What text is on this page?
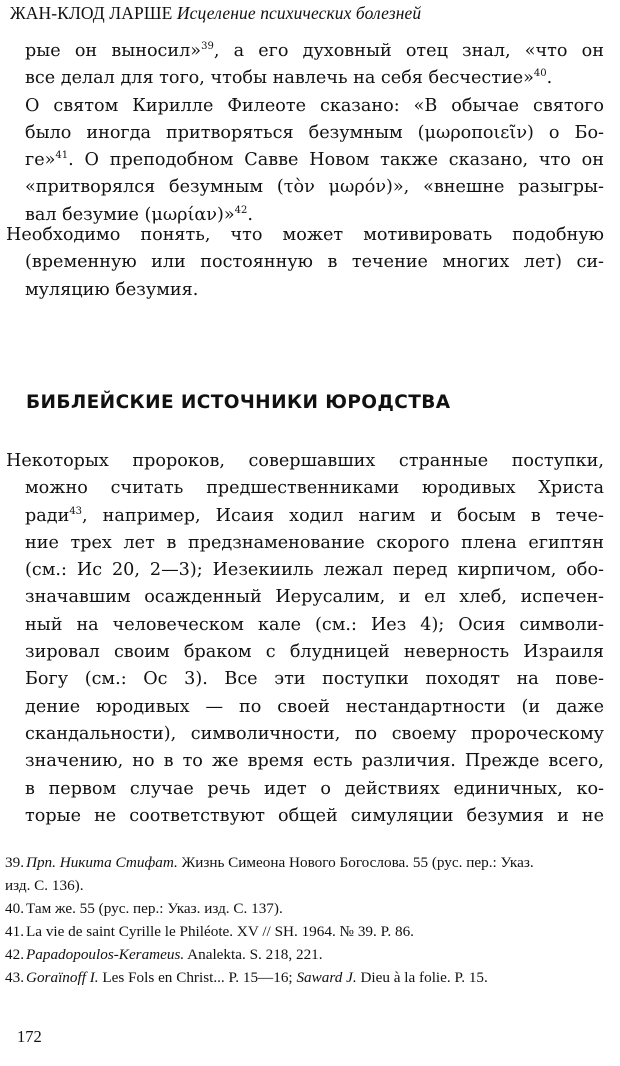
ЖАН-КЛОД ЛАРШЕ Исцеление психических болезней
рые он выносил»$^{39}$, а его духовный отец знал, «что он
все делал для того, чтобы навлечь на себя бесчестие»$^{40}$.
О святом Кирилле Филеоте сказано: «В обычае святого
было иногда притворяться безумным (μωροποιεῖν) о Бо-
ге»$^{41}$. О преподобном Савве Новом также сказано, что он
«притворялся безумным (τὸν μωρόν)», «внешне разыгры-
вал безумие (μωρίαν)»$^{42}$.
Необходимо понять, что может мотивировать подобную
(временную или постоянную в течение многих лет) си-
муляцию безумия.
БИБЛЕЙСКИЕ ИСТОЧНИКИ ЮРОДСТВА
Некоторых пророков, совершавших странные поступки,
можно считать предшественниками юродивых Христа
ради$^{43}$, например, Исаия ходил нагим и босым в тече-
ние трех лет в предзнаменование скорого плена египтян
(см.: Ис 20, 2—3); Иезекииль лежал перед кирпичом, обо-
значавшим осажденный Иерусалим, и ел хлеб, испечен-
ный на человеческом кале (см.: Иез 4); Осия символи-
зировал своим браком с блудницей неверность Израиля
Богу (см.: Ос 3). Все эти поступки походят на пове-
дение юродивых — по своей нестандартности (и даже
скандальности), символичности, по своему пророческому
значению, но в то же время есть различия. Прежде всего,
в первом случае речь идет о действиях единичных, ко-
торые не соответствуют общей симуляции безумия и не
39. Прп. Никита Стифат. Жизнь Симеона Нового Богослова. 55 (рус. пер.: Указ.
изд. С. 136).
40. Там же. 55 (рус. пер.: Указ. изд. С. 137).
41. La vie de saint Cyrille le Philéote. XV // SH. 1964. № 39. P. 86.
42. Papadopoulos-Kerameus. Analekta. S. 218, 221.
43. Goraïnoff I. Les Fols en Christ... P. 15—16; Saward J. Dieu à la folie. P. 15.
172
